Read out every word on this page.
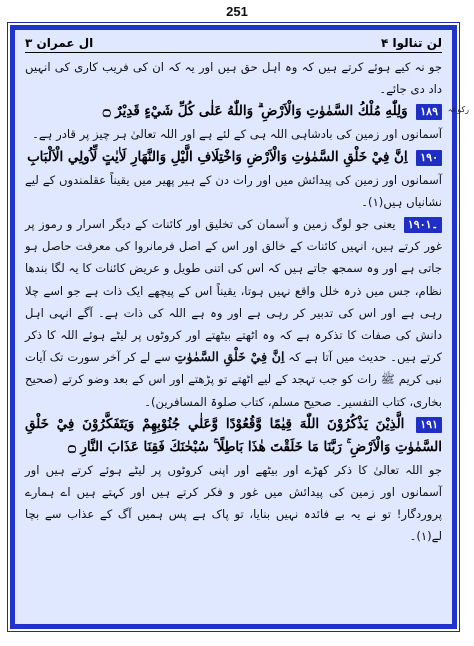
251
لن تنالوا ۴
ال عمران ۳

جو نہ کیے ہوئے کرتے ہیں کہ وہ اہل حق ہیں اور یہ کہ ان کی فریب کاری کی انہیں داد دی جائے۔

۱۸۹ وَلِلّٰهِ مُلْكُ السَّمٰوٰتِ وَالْاَرْضِ ۗ وَاللّٰهُ عَلٰى كُلِّ شَيْءٍ قَدِيْرٌ ۝

آسمانوں اور زمین کی بادشاہی اللہ ہی کے لئے ہے اور اللہ تعالیٰ ہر چیز پر قادر ہے۔

۱۹۰ اِنَّ فِيْ خَلْقِ السَّمٰوٰتِ وَالْاَرْضِ وَاخْتِلَافِ الَّيْلِ وَالنَّهَارِ لَاٰيٰتٍ لِّاُولِي الْاَلْبَابِ

آسمانوں اور زمین کی پیدائش میں اور رات دن کے ہیر پھیر میں یقیناً عقلمندوں کے لیے نشانیاں ہیں(١)۔

۱۹۰۔۱ یعنی جو لوگ زمین و آسمان کی تخلیق اور کائنات کے دیگر اسرار و رموز پر غور کرتے ہیں، انہیں کائنات کے خالق اور اس کے اصل فرمانروا کی معرفت حاصل ہو جاتی ہے اور وہ سمجھ جاتے ہیں کہ اس کی اتنی طویل و عریض کائنات کا یہ لگا بندھا نظام، جس میں ذرہ خلل واقع نہیں ہوتا، یقیناً اس کے پیچھے ایک ذات ہے جو اسے چلا رہی ہے اور اس کی تدبیر کر رہی ہے اور وہ ہے اللہ کی ذات ہے۔ آگے انہی اہل دانش کی صفات کا تذکرہ ہے کہ وہ اٹھتے بیٹھتے اور کروٹوں پر لیٹے ہوئے اللہ کا ذکر کرتے ہیں۔ حدیث میں آتا ہے کہ اِنَّ فِيْ خَلْقِ السَّمٰوٰتِ سے لے کر آخر سورت تک آیات نبی کریم ﷺ رات کو جب تہجد کے لیے اٹھتے تو پڑھتے اور اس کے بعد وضو کرتے (صحیح بخاری، کتاب التفسیر۔ صحیح مسلم، کتاب صلوۃ المسافرین)۔

۱۹۱ الَّذِيْنَ يَذْكُرُوْنَ اللّٰهَ قِيٰمًا وَّقُعُوْدًا وَّعَلٰي جُنُوْبِهِمْ وَيَتَفَكَّرُوْنَ فِيْ خَلْقِ السَّمٰوٰتِ وَالْاَرْضِ ۚ رَبَّنَا مَا خَلَقْتَ هٰذَا بَاطِلًا ۚ سُبْحٰنَكَ فَقِنَا عَذَابَ النَّارِ ۝

جو اللہ تعالیٰ کا ذکر کھڑے اور بیٹھے اور اپنی کروٹوں پر لیٹے ہوئے کرتے ہیں اور آسمانوں اور زمین کی پیدائش میں غور و فکر کرتے ہیں اور کہتے ہیں اے ہمارے پروردگار! تو نے یہ بے فائدہ نہیں بنایا، تو پاک ہے پس ہمیں آگ کے عذاب سے بچا لے(١)۔

رکوعہ
